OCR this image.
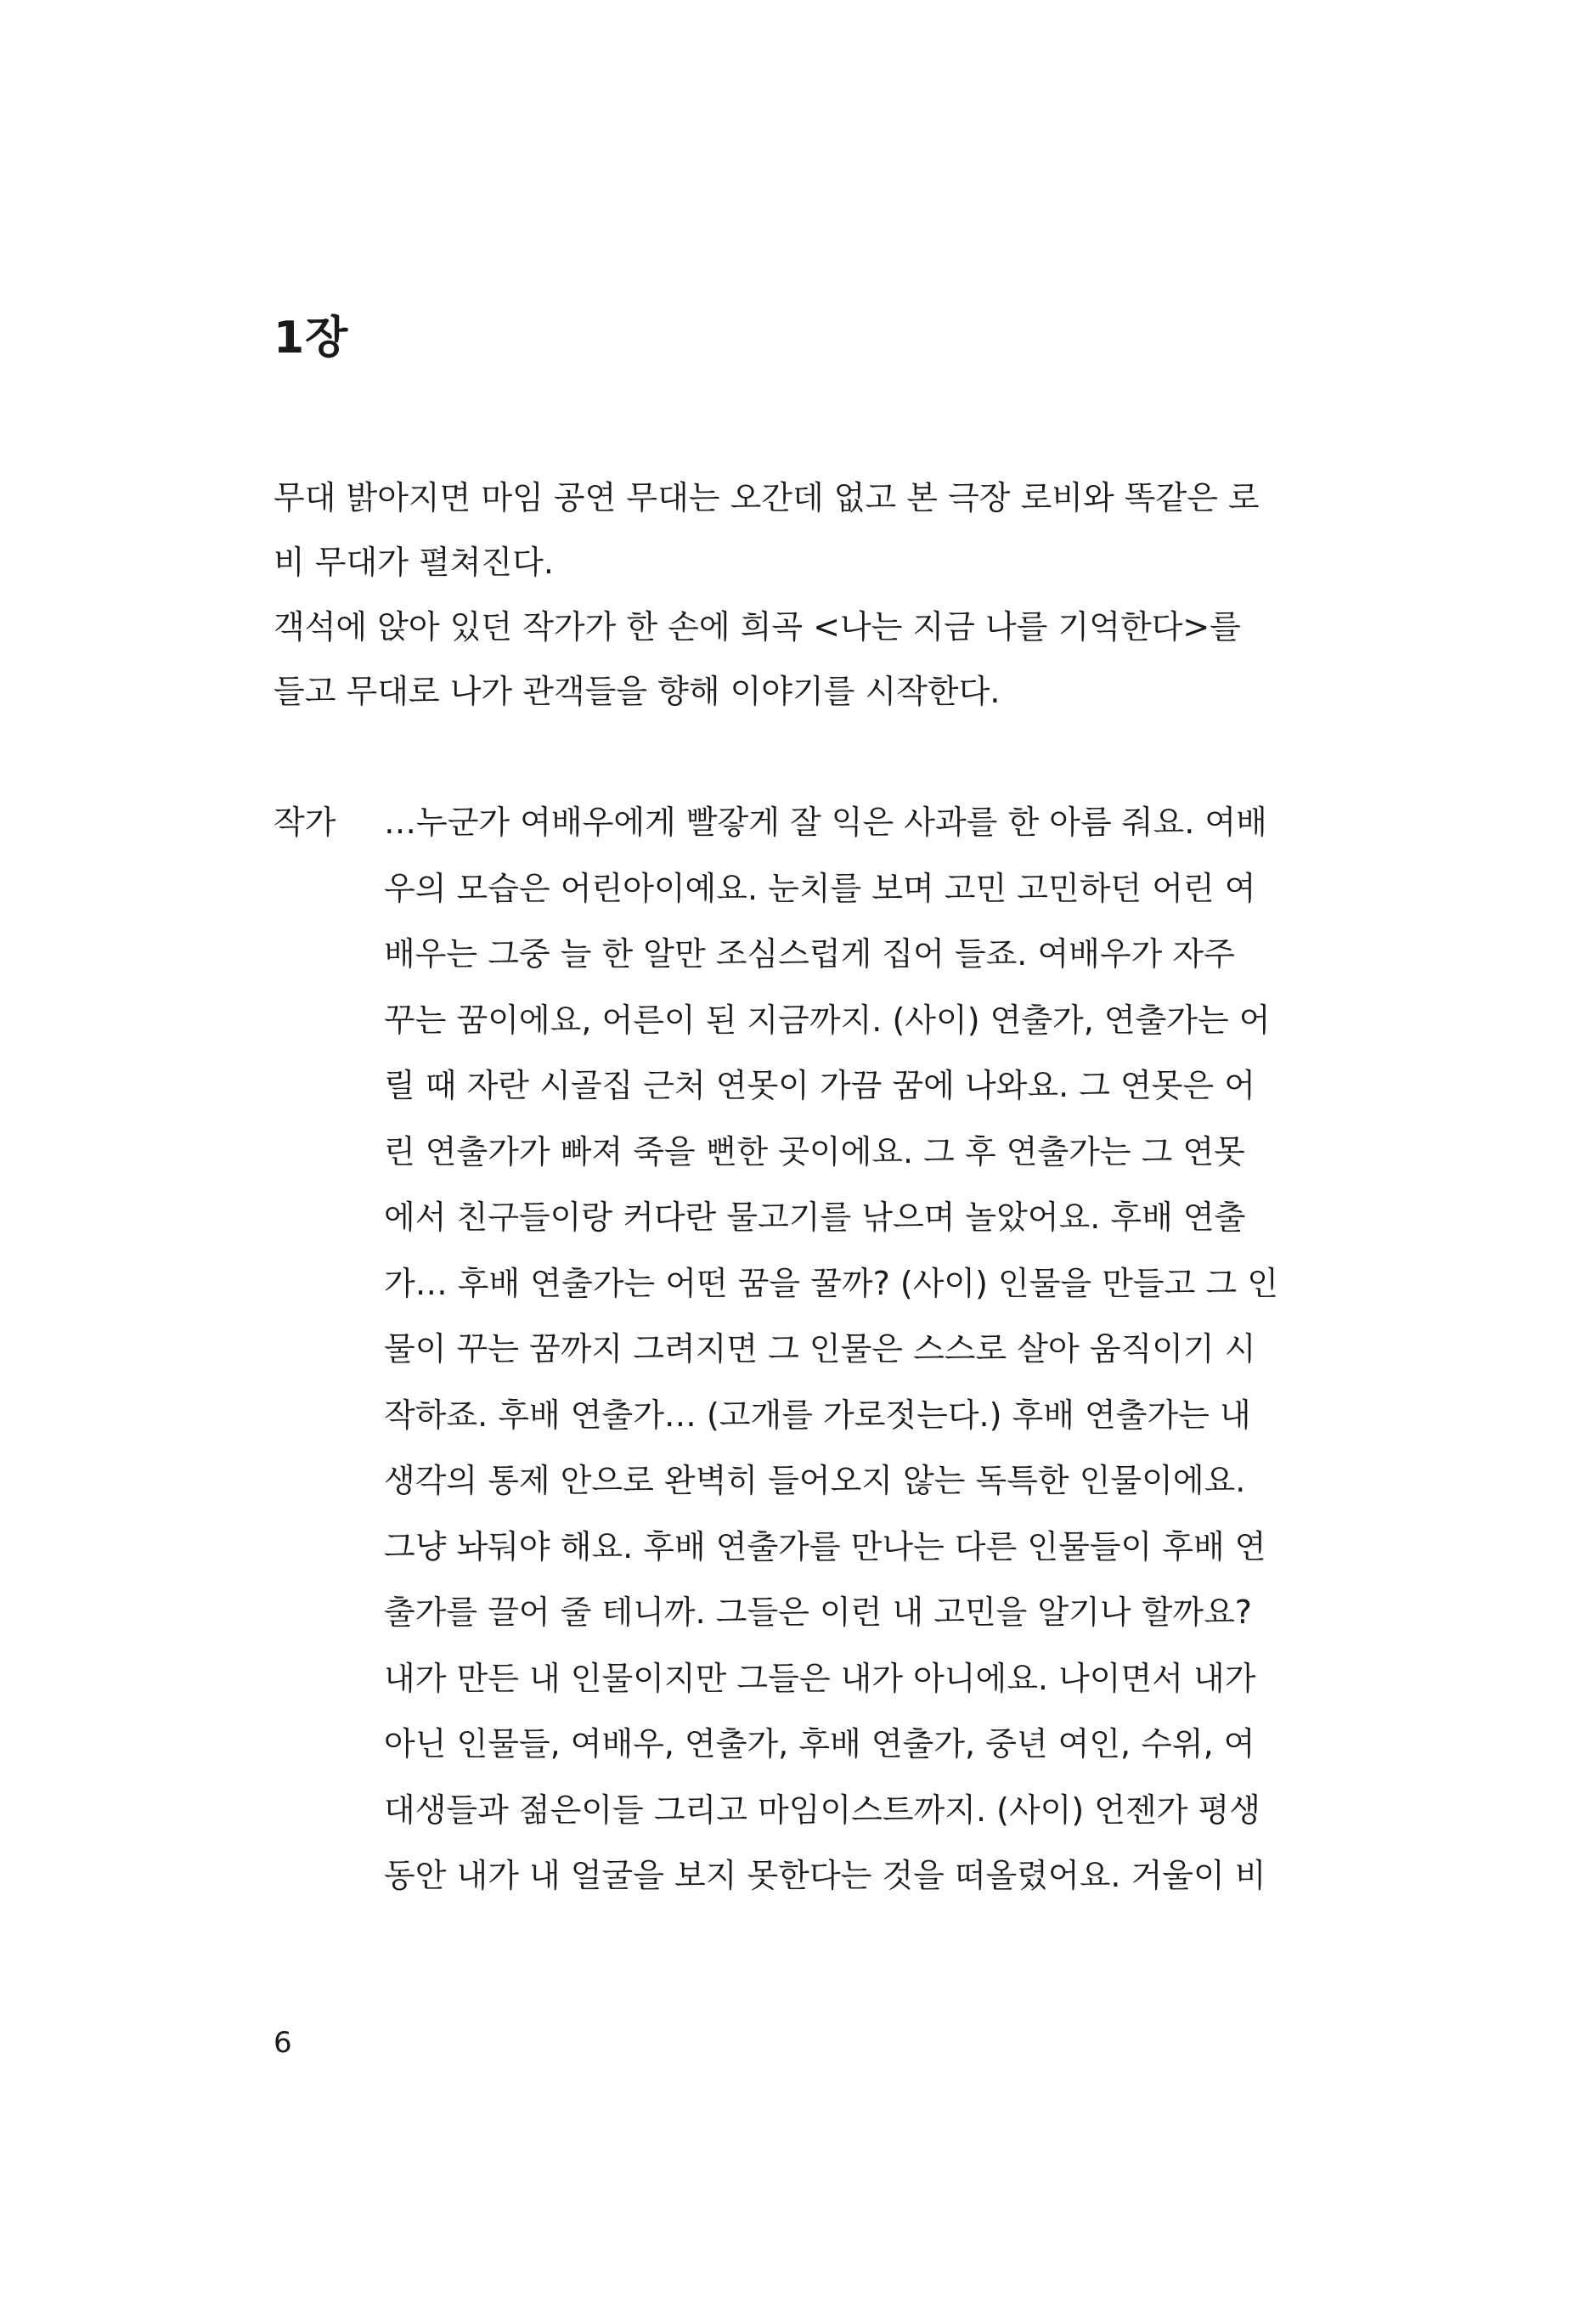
1장
무대 밝아지면 마임 공연 무대는 오간데 없고 본 극장 로비와 똑같은 로
비 무대가 펼쳐진다.
객석에 앉아 있던 작가가 한 손에 희곡 <나는 지금 나를 기억한다>를
들고 무대로 나가 관객들을 향해 이야기를 시작한다.
작가	…누군가 여배우에게 빨갛게 잘 익은 사과를 한 아름 줘요. 여배
우의 모습은 어린아이예요. 눈치를 보며 고민 고민하던 어린 여
배우는 그중 늘 한 알만 조심스럽게 집어 들죠. 여배우가 자주
꾸는 꿈이에요, 어른이 된 지금까지. (사이) 연출가, 연출가는 어
릴 때 자란 시골집 근처 연못이 가끔 꿈에 나와요. 그 연못은 어
린 연출가가 빠져 죽을 뻔한 곳이에요. 그 후 연출가는 그 연못
에서 친구들이랑 커다란 물고기를 낚으며 놀았어요. 후배 연출
가… 후배 연출가는 어떤 꿈을 꿀까? (사이) 인물을 만들고 그 인
물이 꾸는 꿈까지 그려지면 그 인물은 스스로 살아 움직이기 시
작하죠. 후배 연출가… (고개를 가로젓는다.) 후배 연출가는 내
생각의 통제 안으로 완벽히 들어오지 않는 독특한 인물이에요.
그냥 놔둬야 해요. 후배 연출가를 만나는 다른 인물들이 후배 연
출가를 끌어 줄 테니까. 그들은 이런 내 고민을 알기나 할까요?
내가 만든 내 인물이지만 그들은 내가 아니에요. 나이면서 내가
아닌 인물들, 여배우, 연출가, 후배 연출가, 중년 여인, 수위, 여
대생들과 젊은이들 그리고 마임이스트까지. (사이) 언젠가 평생
동안 내가 내 얼굴을 보지 못한다는 것을 떠올렸어요. 거울이 비
6
